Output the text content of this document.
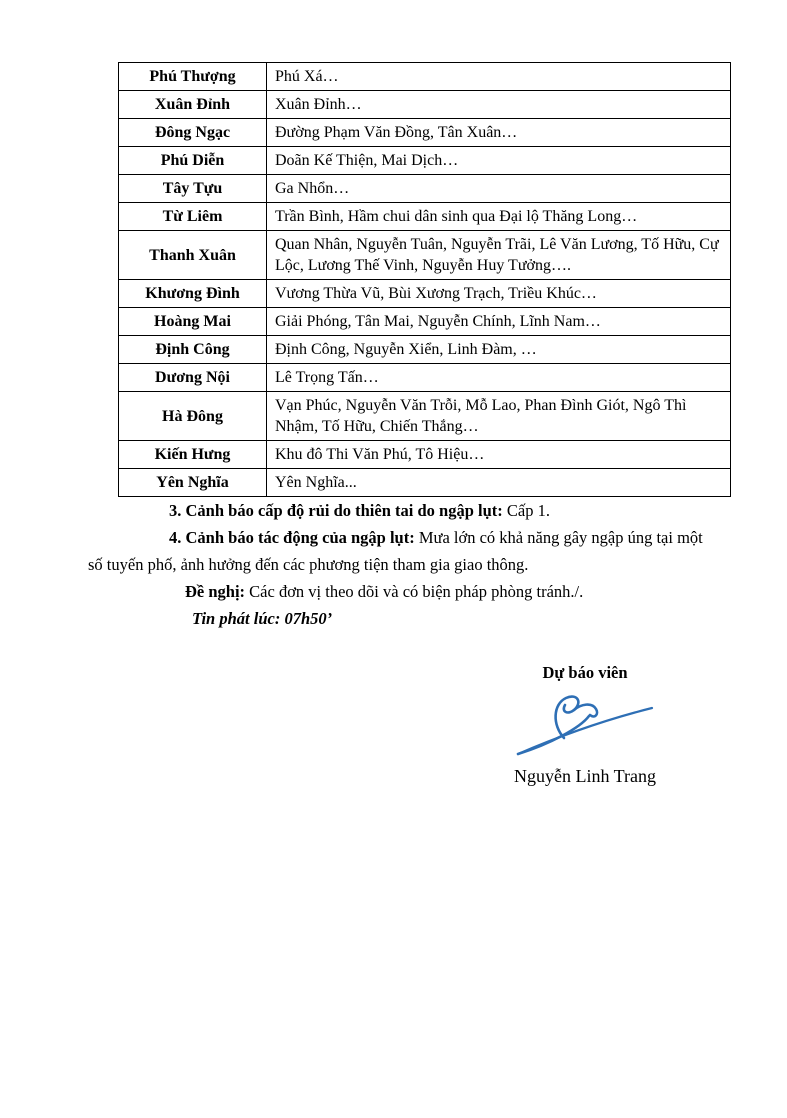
Phú Thượng	Phú Xá…
Xuân Đỉnh	Xuân Đỉnh…
Đông Ngạc	Đường Phạm Văn Đồng, Tân Xuân…
Phú Diễn	Doãn Kế Thiện, Mai Dịch…
Tây Tựu	Ga Nhổn…
Từ Liêm	Trần Bình, Hầm chui dân sinh qua Đại lộ Thăng Long…
Thanh Xuân	Quan Nhân, Nguyễn Tuân, Nguyễn Trãi, Lê Văn Lương, Tố Hữu, Cự Lộc, Lương Thế Vinh, Nguyễn Huy Tưởng….
Khương Đình	Vương Thừa Vũ, Bùi Xương Trạch, Triều Khúc…
Hoàng Mai	Giải Phóng, Tân Mai, Nguyễn Chính, Lĩnh Nam…
Định Công	Định Công, Nguyễn Xiển, Linh Đàm, …
Dương Nội	Lê Trọng Tấn…
Hà Đông	Vạn Phúc, Nguyễn Văn Trỗi, Mỗ Lao, Phan Đình Giót, Ngô Thì Nhậm, Tố Hữu, Chiến Thắng…
Kiến Hưng	Khu đô Thi Văn Phú, Tô Hiệu…
Yên Nghĩa	Yên Nghĩa...

3. Cảnh báo cấp độ rủi do thiên tai do ngập lụt: Cấp 1.

4. Cảnh báo tác động của ngập lụt: Mưa lớn có khả năng gây ngập úng tại một số tuyến phố, ảnh hưởng đến các phương tiện tham gia giao thông.

Đề nghị: Các đơn vị theo dõi và có biện pháp phòng tránh./.

Tin phát lúc: 07h50’

Dự báo viên
Nguyễn Linh Trang
